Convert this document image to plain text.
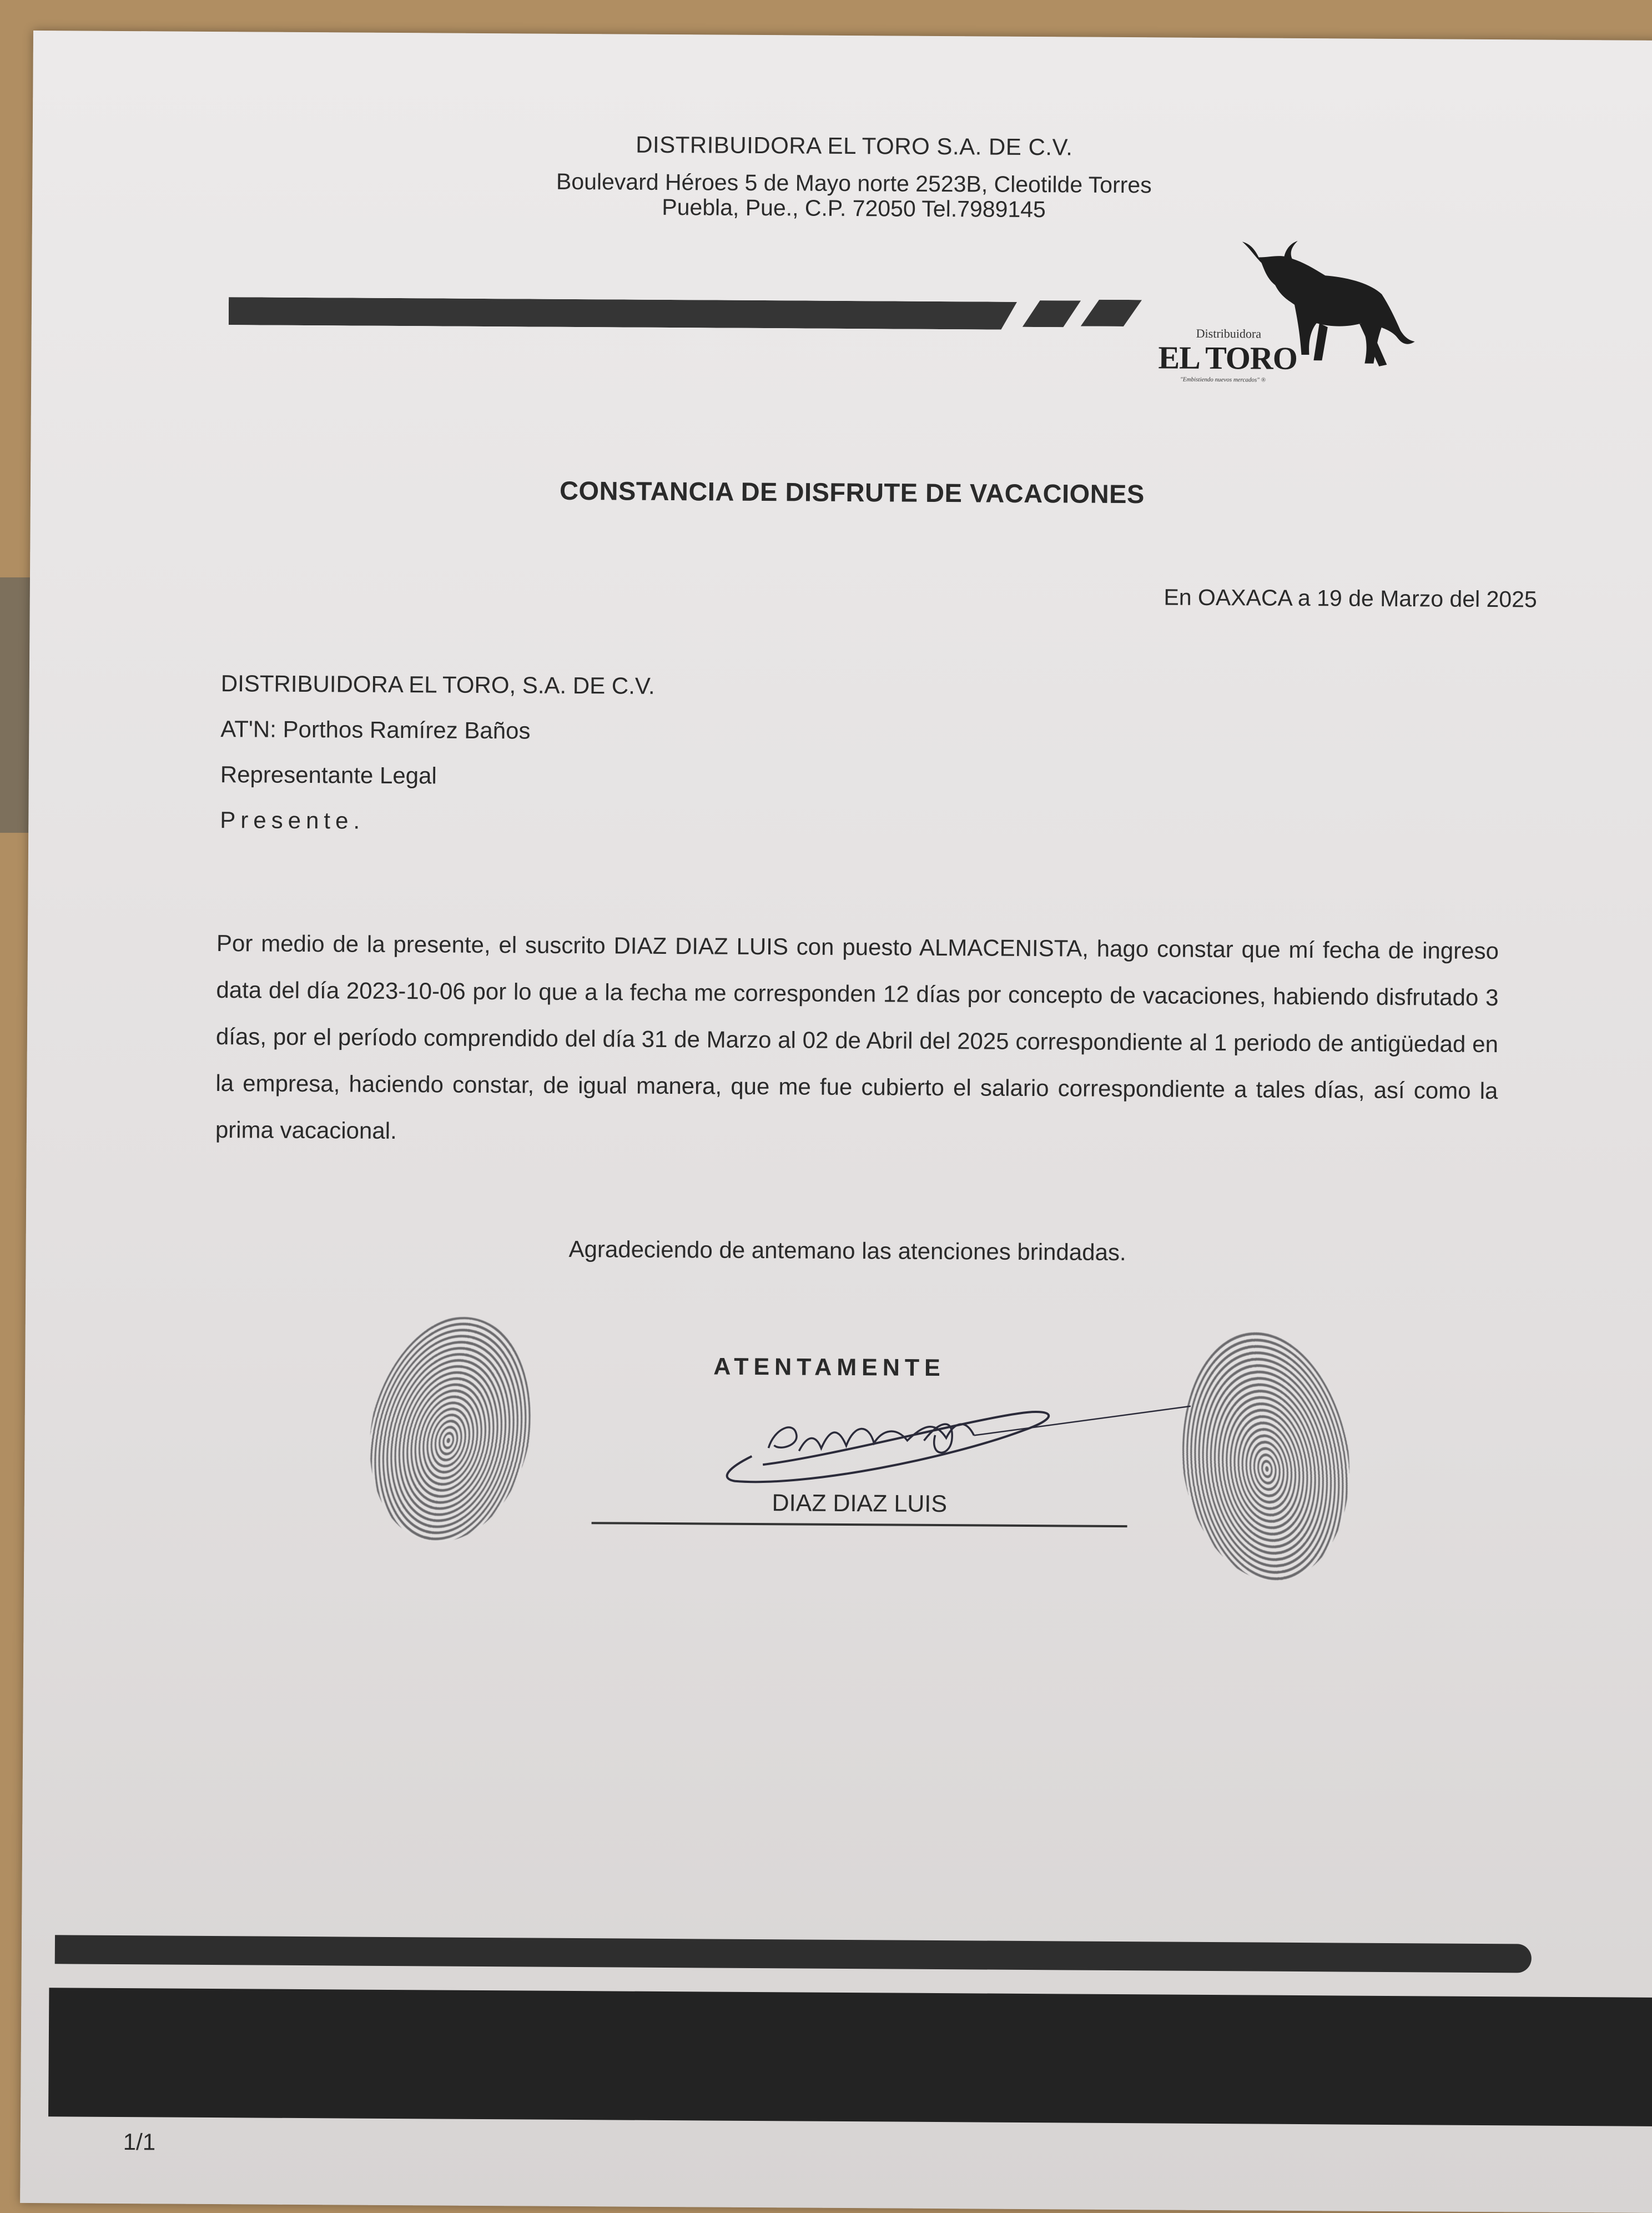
DISTRIBUIDORA EL TORO S.A. DE C.V.
Boulevard Héroes 5 de Mayo norte 2523B, Cleotilde Torres
Puebla, Pue., C.P. 72050 Tel.7989145
Distribuidora
EL TORO
"Embistiendo nuevos mercados" ®
CONSTANCIA DE DISFRUTE DE VACACIONES
En OAXACA a 19 de Marzo del 2025
DISTRIBUIDORA EL TORO, S.A. DE C.V.
AT'N: Porthos Ramírez Baños
Representante Legal
Presente.
Por medio de la presente, el suscrito DIAZ DIAZ LUIS con puesto ALMACENISTA, hago constar que mí fecha de ingreso data del día 2023-10-06 por lo que a la fecha me corresponden 12 días por concepto de vacaciones, habiendo disfrutado 3 días, por el período comprendido del día 31 de Marzo al 02 de Abril del 2025 correspondiente al 1 periodo de antigüedad en la empresa, haciendo constar, de igual manera, que me fue cubierto el salario correspondiente a tales días, así como la prima vacacional.
Agradeciendo de antemano las atenciones brindadas.
ATENTAMENTE
DIAZ DIAZ LUIS
1/1
